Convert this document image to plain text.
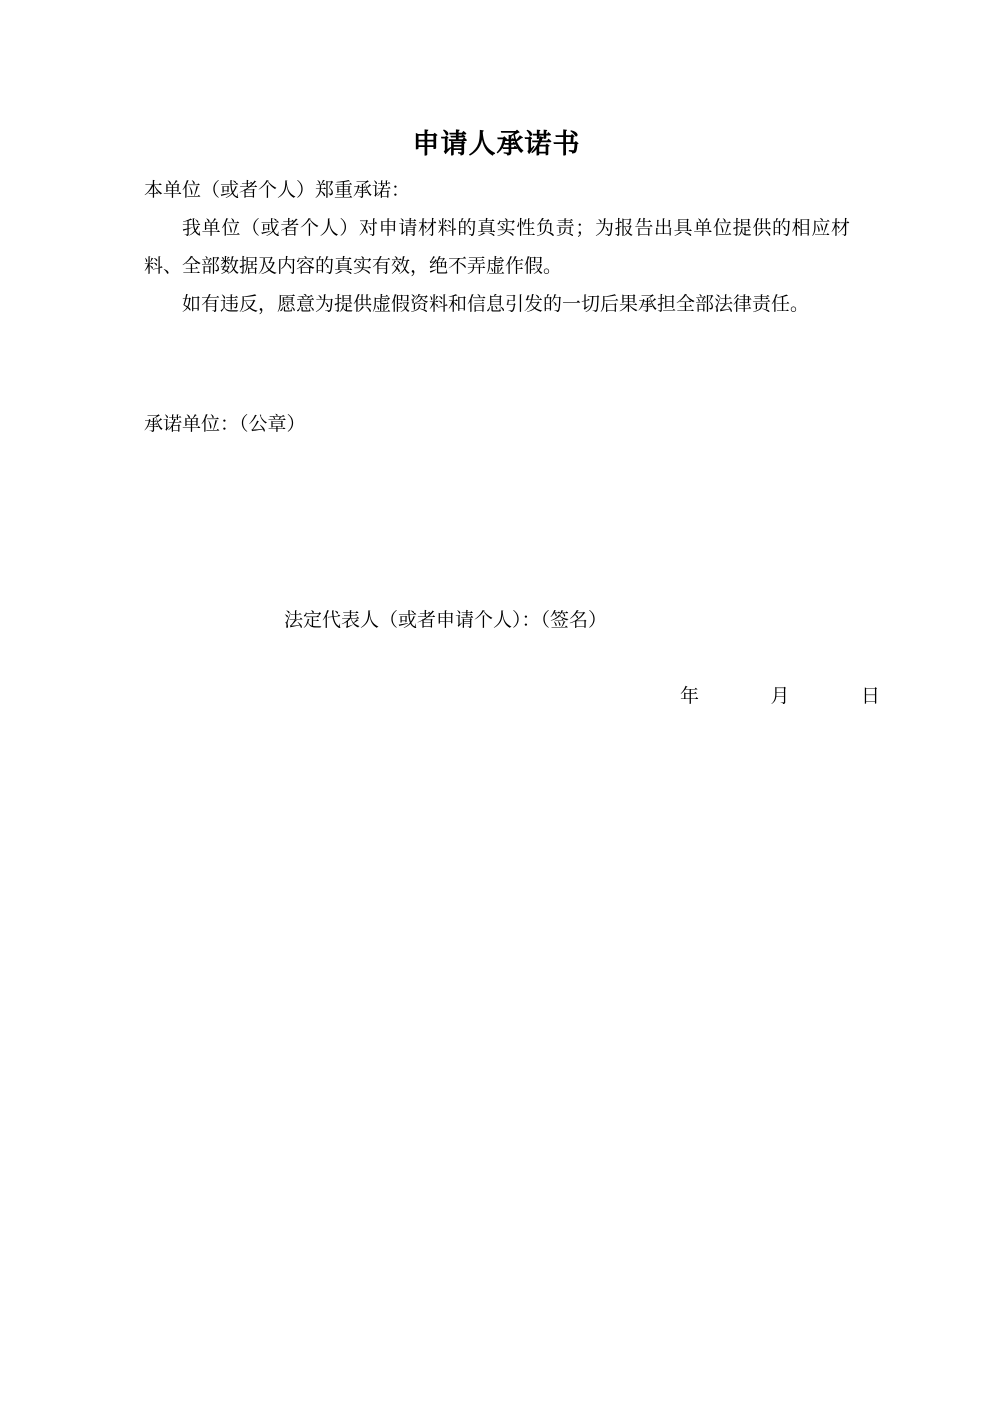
申请人承诺书

本单位（或者个人）郑重承诺：

我单位（或者个人）对申请材料的真实性负责；为报告出具单位提供的相应材料、全部数据及内容的真实有效，绝不弄虚作假。

如有违反，愿意为提供虚假资料和信息引发的一切后果承担全部法律责任。

承诺单位：（公章）
法定代表人（或者申请个人）：（签名）
年	月	日
